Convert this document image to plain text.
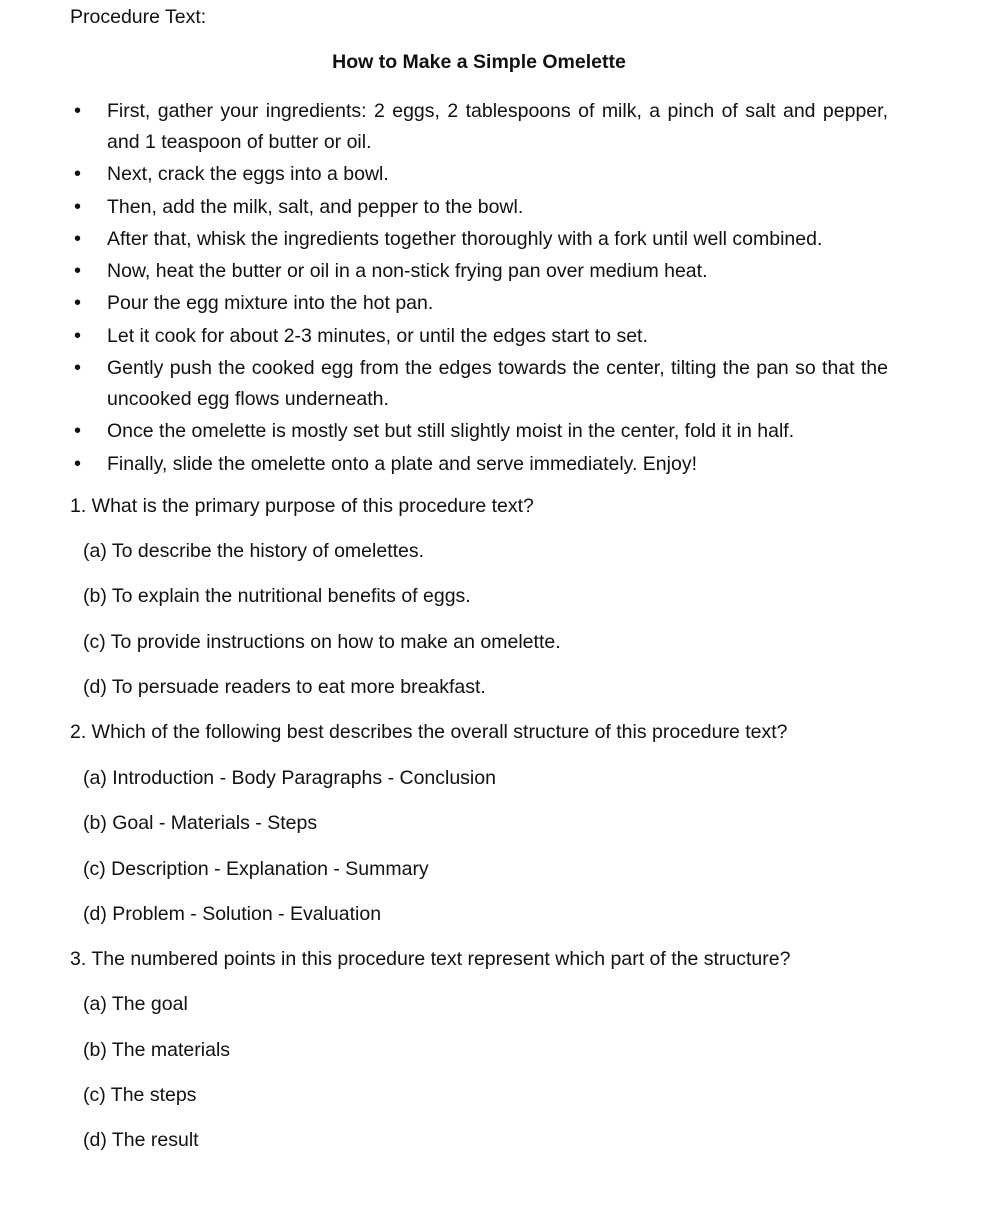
Procedure Text:
How to Make a Simple Omelette
• First, gather your ingredients: 2 eggs, 2 tablespoons of milk, a pinch of salt and pepper, and 1 teaspoon of butter or oil.
• Next, crack the eggs into a bowl.
• Then, add the milk, salt, and pepper to the bowl.
• After that, whisk the ingredients together thoroughly with a fork until well combined.
• Now, heat the butter or oil in a non-stick frying pan over medium heat.
• Pour the egg mixture into the hot pan.
• Let it cook for about 2-3 minutes, or until the edges start to set.
• Gently push the cooked egg from the edges towards the center, tilting the pan so that the uncooked egg flows underneath.
• Once the omelette is mostly set but still slightly moist in the center, fold it in half.
• Finally, slide the omelette onto a plate and serve immediately. Enjoy!
1. What is the primary purpose of this procedure text?
(a) To describe the history of omelettes.
(b) To explain the nutritional benefits of eggs.
(c) To provide instructions on how to make an omelette.
(d) To persuade readers to eat more breakfast.
2. Which of the following best describes the overall structure of this procedure text?
(a) Introduction - Body Paragraphs - Conclusion
(b) Goal - Materials - Steps
(c) Description - Explanation - Summary
(d) Problem - Solution - Evaluation
3. The numbered points in this procedure text represent which part of the structure?
(a) The goal
(b) The materials
(c) The steps
(d) The result
